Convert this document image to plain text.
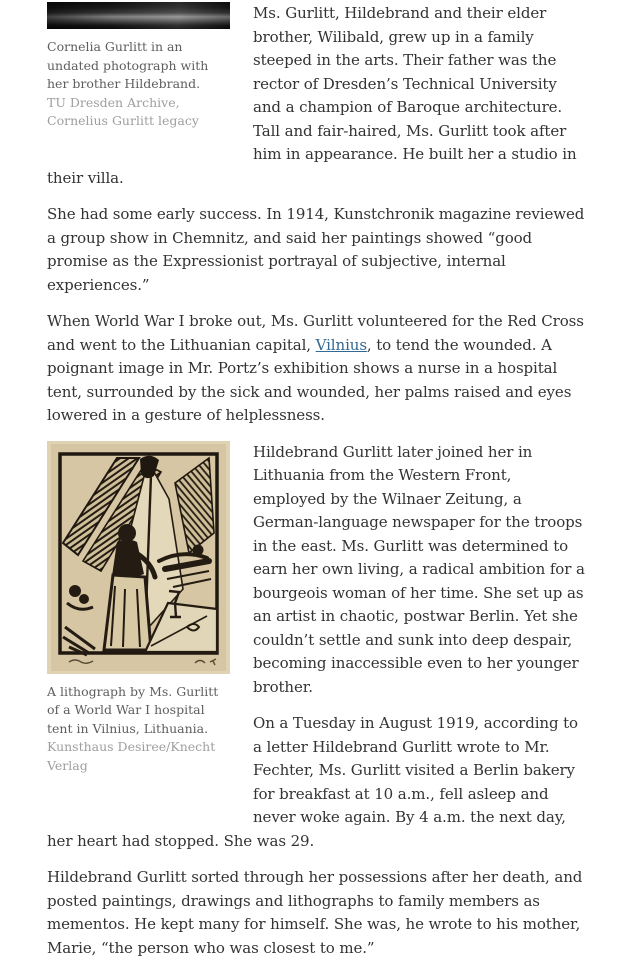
Cornelia Gurlitt in an undated photograph with her brother Hildebrand.
TU Dresden Archive, Cornelius Gurlitt legacy

Ms. Gurlitt, Hildebrand and their elder brother, Wilibald, grew up in a family steeped in the arts. Their father was the rector of Dresden’s Technical University and a champion of Baroque architecture. Tall and fair-haired, Ms. Gurlitt took after him in appearance. He built her a studio in their villa.

She had some early success. In 1914, Kunstchronik magazine reviewed a group show in Chemnitz, and said her paintings showed “good promise as the Expressionist portrayal of subjective, internal experiences.”

When World War I broke out, Ms. Gurlitt volunteered for the Red Cross and went to the Lithuanian capital, Vilnius, to tend the wounded. A poignant image in Mr. Portz’s exhibition shows a nurse in a hospital tent, surrounded by the sick and wounded, her palms raised and eyes lowered in a gesture of helplessness.

A lithograph by Ms. Gurlitt of a World War I hospital tent in Vilnius, Lithuania.
Kunsthaus Desiree/Knecht Verlag

Hildebrand Gurlitt later joined her in Lithuania from the Western Front, employed by the Wilnaer Zeitung, a German-language newspaper for the troops in the east. Ms. Gurlitt was determined to earn her own living, a radical ambition for a bourgeois woman of her time. She set up as an artist in chaotic, postwar Berlin. Yet she couldn’t settle and sunk into deep despair, becoming inaccessible even to her younger brother.

On a Tuesday in August 1919, according to a letter Hildebrand Gurlitt wrote to Mr. Fechter, Ms. Gurlitt visited a Berlin bakery for breakfast at 10 a.m., fell asleep and never woke again. By 4 a.m. the next day, her heart had stopped. She was 29.

Hildebrand Gurlitt sorted through her possessions after her death, and posted paintings, drawings and lithographs to family members as mementos. He kept many for himself. She was, he wrote to his mother, Marie, “the person who was closest to me.”
